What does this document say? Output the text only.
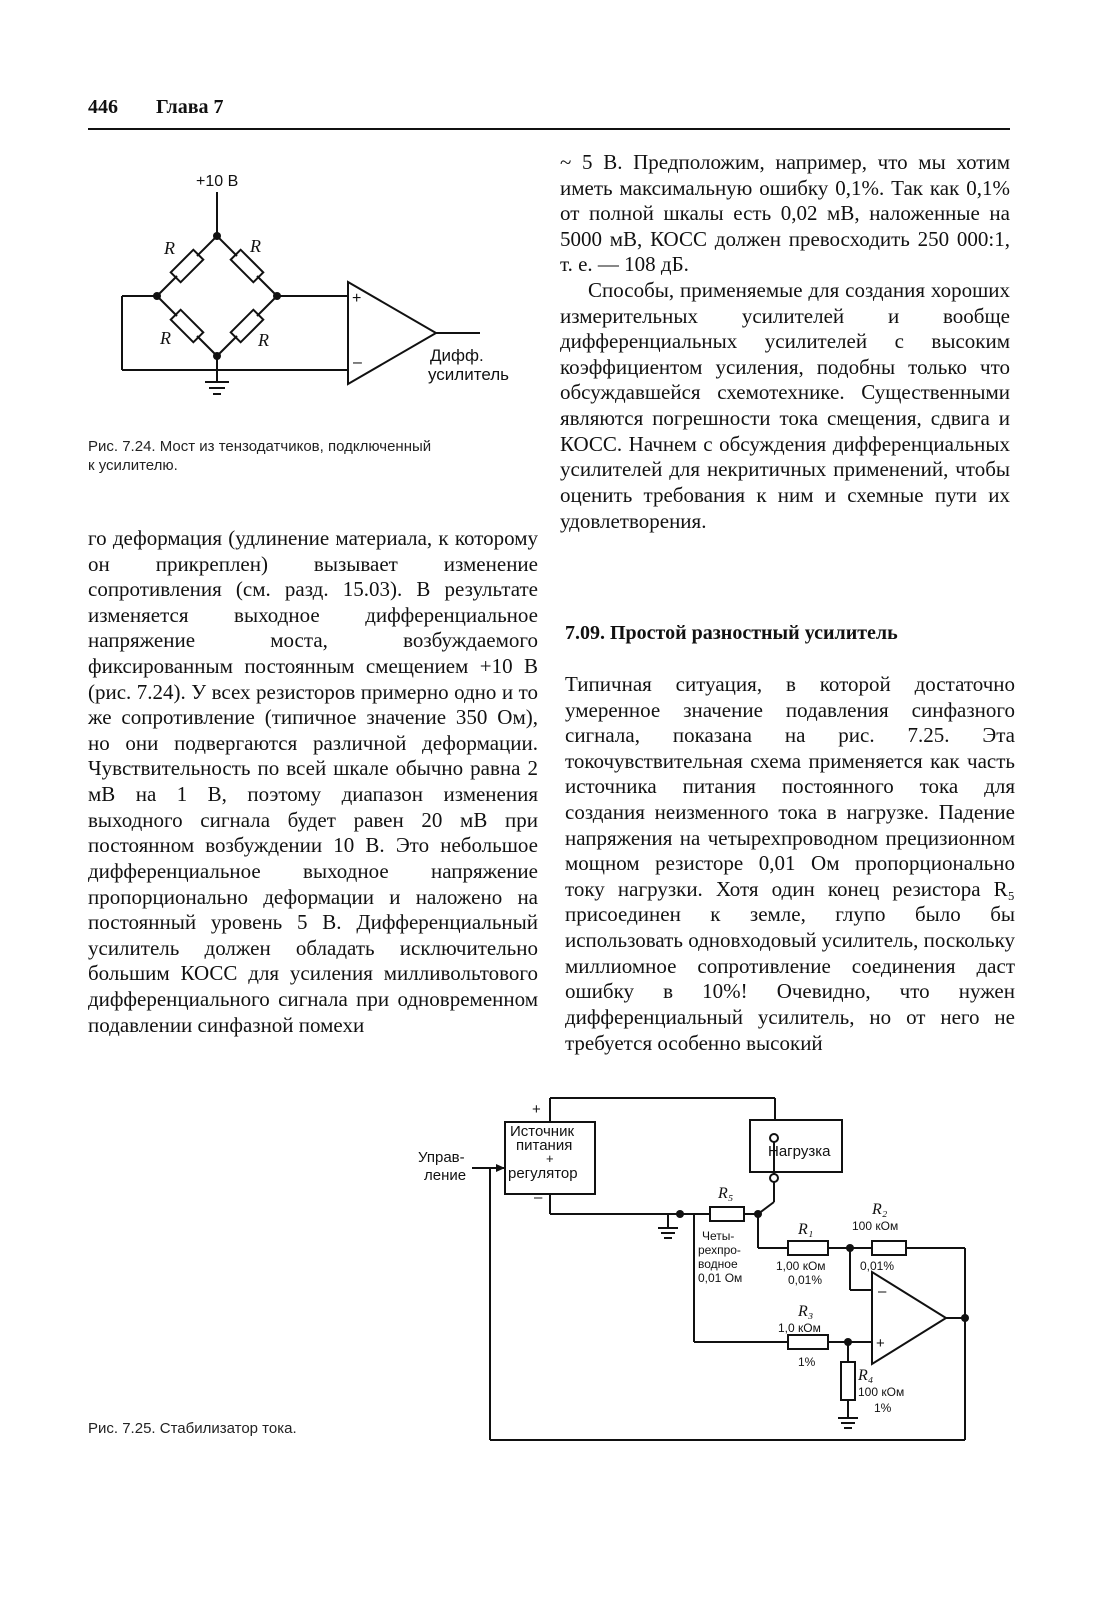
446 Глава 7
+10 В
R	R
R	R
+
–	Дифф.
усилитель
Рис. 7.24. Мост из тензодатчиков, подключенный
к усилителю.

го деформация (удлинение материала, к которому он прикреплен) вызывает изменение сопротивления (см. разд. 15.03). В результате изменяется выходное дифференциальное напряжение моста, возбуждаемого фиксированным постоянным смещением +10 В (рис. 7.24). У всех резисторов примерно одно и то же сопротивление (типичное значение 350 Ом), но они подвергаются различной деформации. Чувствительность по всей шкале обычно равна 2 мВ на 1 В, поэтому диапазон изменения выходного сигнала будет равен 20 мВ при постоянном возбуждении 10 В. Это небольшое дифференциальное выходное напряжение пропорционально деформации и наложено на постоянный уровень 5 В. Дифференциальный усилитель должен обладать исключительно большим КОСС для усиления милливольтового дифференциального сигнала при одновременном подавлении синфазной помехи

~ 5 В. Предположим, например, что мы хотим иметь максимальную ошибку 0,1%. Так как 0,1% от полной шкалы есть 0,02 мВ, наложенные на 5000 мВ, КОСС должен превосходить 250 000:1, т. е. — 108 дБ.

Способы, применяемые для создания хороших измерительных усилителей и вообще дифференциальных усилителей с высоким коэффициентом усиления, подобны только что обсуждавшейся схемотехнике. Существенными являются погрешности тока смещения, сдвига и КОСС. Начнем с обсуждения дифференциальных усилителей для некритичных применений, чтобы оценить требования к ним и схемные пути их удовлетворения.

7.09. Простой разностный усилитель

Типичная ситуация, в которой достаточно умеренное значение подавления синфазного сигнала, показана на рис. 7.25. Эта токочувствительная схема применяется как часть источника питания постоянного тока для создания неизменного тока в нагрузке. Падение напряжения на четырехпроводном прецизионном мощном резисторе 0,01 Ом пропорционально току нагрузки. Хотя один конец резистора R₅ присоединен к земле, глупо было бы использовать одновходовый усилитель, поскольку миллиомное сопротивление соединения даст ошибку в 10%! Очевидно, что нужен дифференциальный усилитель, но от него не требуется особенно высокий

Управ-
ление
Источник
питания
+
регулятор
+
–
Нагрузка
R₅
Четы-
рехпро-
водное
0,01 Ом
R₁
1,00 кОм
0,01%
R₂
100 кОм
0,01%
R₃
1,0 кОм
1%
R₄
100 кОм
1%
–
+
Рис. 7.25. Стабилизатор тока.
